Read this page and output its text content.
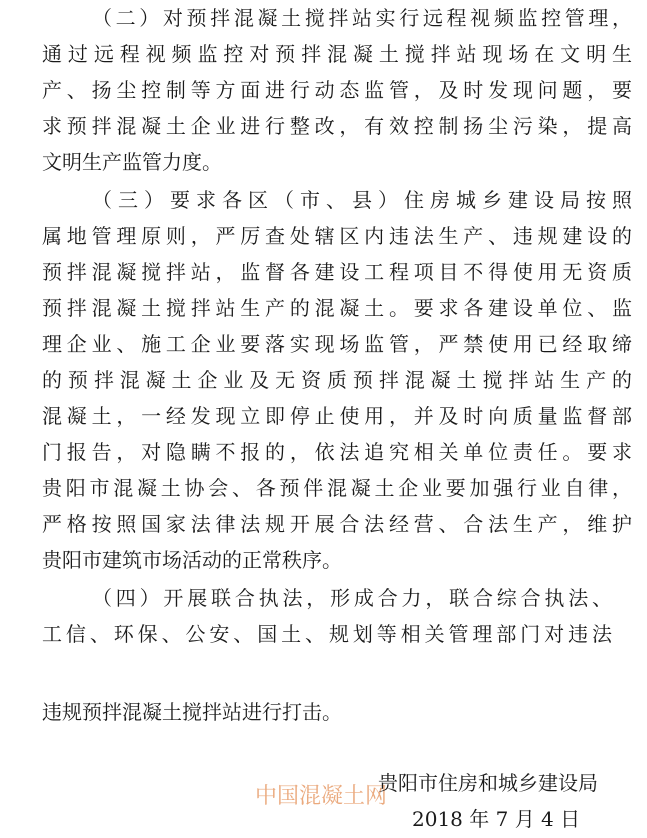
（二）对预拌混凝土搅拌站实行远程视频监控管理，
通过远程视频监控对预拌混凝土搅拌站现场在文明生
产、扬尘控制等方面进行动态监管，及时发现问题，要
求预拌混凝土企业进行整改，有效控制扬尘污染，提高
文明生产监管力度。
（三）要求各区（市、县）住房城乡建设局按照
属地管理原则，严厉查处辖区内违法生产、违规建设的
预拌混凝搅拌站，监督各建设工程项目不得使用无资质
预拌混凝土搅拌站生产的混凝土。要求各建设单位、监
理企业、施工企业要落实现场监管，严禁使用已经取缔
的预拌混凝土企业及无资质预拌混凝土搅拌站生产的
混凝土，一经发现立即停止使用，并及时向质量监督部
门报告，对隐瞒不报的，依法追究相关单位责任。要求
贵阳市混凝土协会、各预伴混凝土企业要加强行业自律，
严格按照国家法律法规开展合法经营、合法生产，维护
贵阳市建筑市场活动的正常秩序。
（四）开展联合执法，形成合力，联合综合执法、
工信、环保、公安、国土、规划等相关管理部门对违法
违规预拌混凝土搅拌站进行打击。
中国混凝土网
贵阳市住房和城乡建设局
2018 年 7 月 4 日
